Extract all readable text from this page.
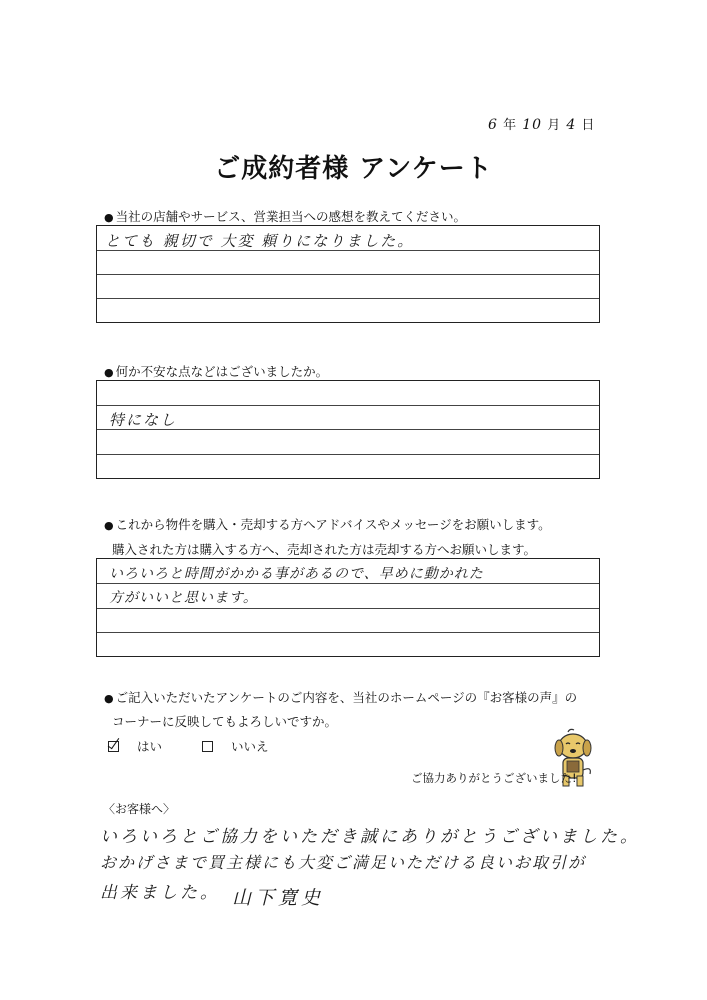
6 年 10 月 4 日
ご成約者様 アンケート
● 当社の店舗やサービス、営業担当への感想を教えてください。
とても 親切で 大変 頼りになりました。
● 何か不安な点などはございましたか。
特になし
● これから物件を購入・売却する方へアドバイスやメッセージをお願いします。
購入された方は購入する方へ、売却された方は売却する方へお願いします。
いろいろと時間がかかる事があるので、早めに動かれた
方がいいと思います。
● ご記入いただいたアンケートのご内容を、当社のホームページの『お客様の声』の
コーナーに反映してもよろしいですか。
はい	いいえ
ご協力ありがとうございました!
〈お客様へ〉
いろいろとご協力をいただき誠にありがとうございました。
おかげさまで買主様にも大変ご満足いただける良いお取引が
出来ました。 山下寛史
